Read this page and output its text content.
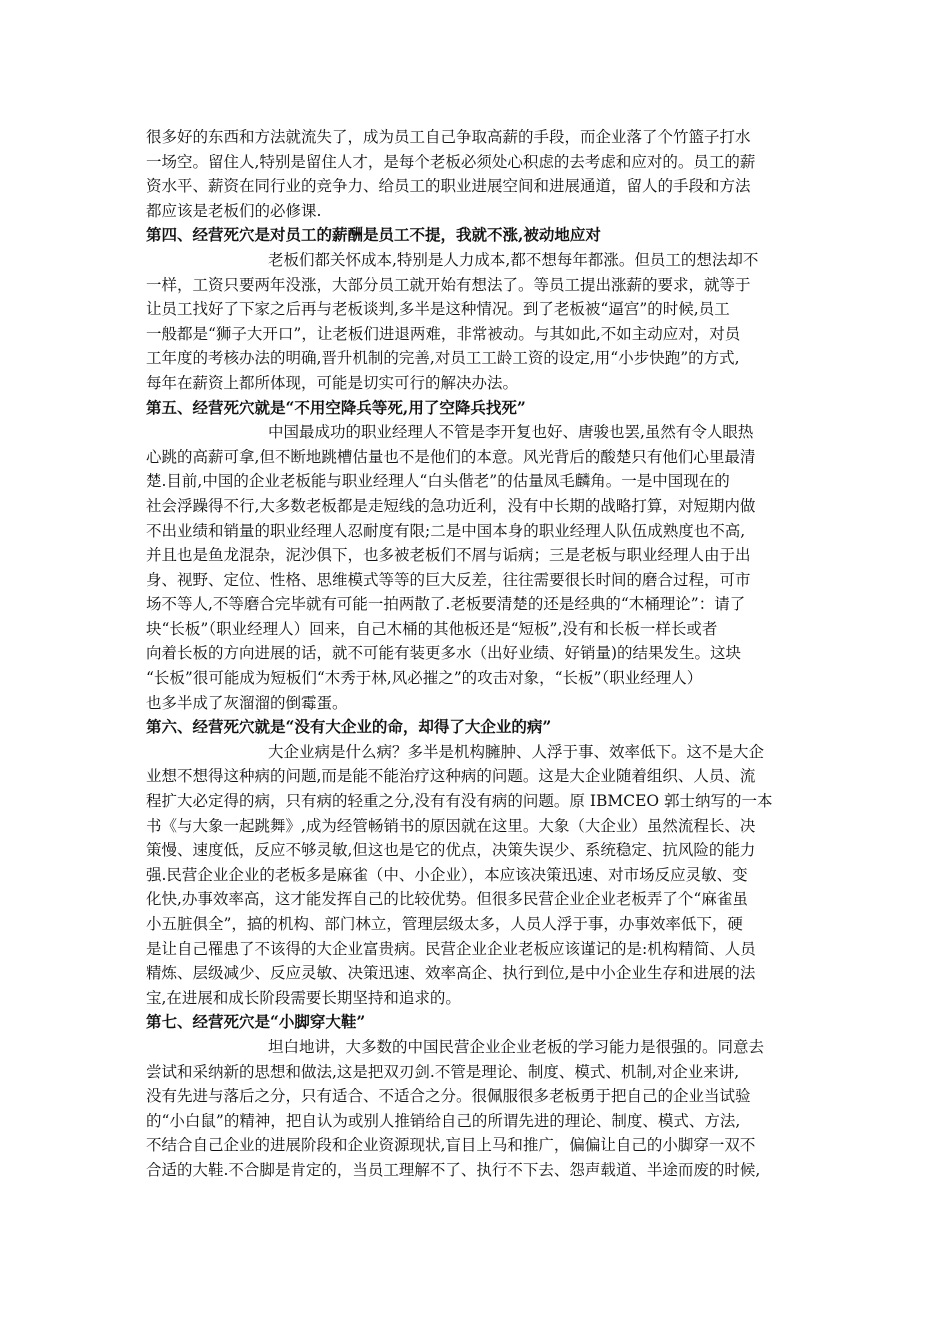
很多好的东西和方法就流失了，成为员工自己争取高薪的手段，而企业落了个竹篮子打水
一场空。留住人,特别是留住人才，是每个老板必须处心积虑的去考虑和应对的。员工的薪
资水平、薪资在同行业的竞争力、给员工的职业进展空间和进展通道，留人的手段和方法
都应该是老板们的必修课.
第四、经营死穴是对员工的薪酬是员工不提，我就不涨,被动地应对
老板们都关怀成本,特别是人力成本,都不想每年都涨。但员工的想法却不
一样，工资只要两年没涨，大部分员工就开始有想法了。等员工提出涨薪的要求，就等于
让员工找好了下家之后再与老板谈判,多半是这种情况。到了老板被“逼宫”的时候,员工
一般都是“狮子大开口”，让老板们进退两难，非常被动。与其如此,不如主动应对，对员
工年度的考核办法的明确,晋升机制的完善,对员工工龄工资的设定,用“小步快跑”的方式,
每年在薪资上都所体现，可能是切实可行的解决办法。
第五、经营死穴就是“不用空降兵等死,用了空降兵找死”
中国最成功的职业经理人不管是李开复也好、唐骏也罢,虽然有令人眼热
心跳的高薪可拿,但不断地跳槽估量也不是他们的本意。风光背后的酸楚只有他们心里最清
楚.目前,中国的企业老板能与职业经理人“白头偕老”的估量凤毛麟角。一是中国现在的
社会浮躁得不行,大多数老板都是走短线的急功近利，没有中长期的战略打算，对短期内做
不出业绩和销量的职业经理人忍耐度有限;二是中国本身的职业经理人队伍成熟度也不高,
并且也是鱼龙混杂，泥沙俱下，也多被老板们不屑与诟病；三是老板与职业经理人由于出
身、视野、定位、性格、思维模式等等的巨大反差，往往需要很长时间的磨合过程，可市
场不等人,不等磨合完毕就有可能一拍两散了.老板要清楚的还是经典的“木桶理论”：请了
块“长板”（职业经理人）回来，自己木桶的其他板还是“短板”,没有和长板一样长或者
向着长板的方向进展的话，就不可能有装更多水（出好业绩、好销量)的结果发生。这块
“长板”很可能成为短板们“木秀于林,风必摧之”的攻击对象，“长板”（职业经理人）
也多半成了灰溜溜的倒霉蛋。
第六、经营死穴就是“没有大企业的命，却得了大企业的病”
大企业病是什么病？多半是机构臃肿、人浮于事、效率低下。这不是大企
业想不想得这种病的问题,而是能不能治疗这种病的问题。这是大企业随着组织、人员、流
程扩大必定得的病，只有病的轻重之分,没有有没有病的问题。原 IBMCEO 郭士纳写的一本
书《与大象一起跳舞》,成为经管畅销书的原因就在这里。大象（大企业）虽然流程长、决
策慢、速度低，反应不够灵敏,但这也是它的优点，决策失误少、系统稳定、抗风险的能力
强.民营企业企业的老板多是麻雀（中、小企业），本应该决策迅速、对市场反应灵敏、变
化快,办事效率高，这才能发挥自己的比较优势。但很多民营企业企业老板弄了个“麻雀虽
小五脏俱全”，搞的机构、部门林立，管理层级太多，人员人浮于事，办事效率低下，硬
是让自己罹患了不该得的大企业富贵病。民营企业企业老板应该谨记的是:机构精简、人员
精炼、层级减少、反应灵敏、决策迅速、效率高企、执行到位,是中小企业生存和进展的法
宝,在进展和成长阶段需要长期坚持和追求的。
第七、经营死穴是“小脚穿大鞋”
坦白地讲，大多数的中国民营企业企业老板的学习能力是很强的。同意去
尝试和采纳新的思想和做法,这是把双刃剑.不管是理论、制度、模式、机制,对企业来讲,
没有先进与落后之分，只有适合、不适合之分。很佩服很多老板勇于把自己的企业当试验
的“小白鼠”的精神，把自认为或别人推销给自己的所谓先进的理论、制度、模式、方法,
不结合自己企业的进展阶段和企业资源现状,盲目上马和推广，偏偏让自己的小脚穿一双不
合适的大鞋.不合脚是肯定的，当员工理解不了、执行不下去、怨声载道、半途而废的时候,
